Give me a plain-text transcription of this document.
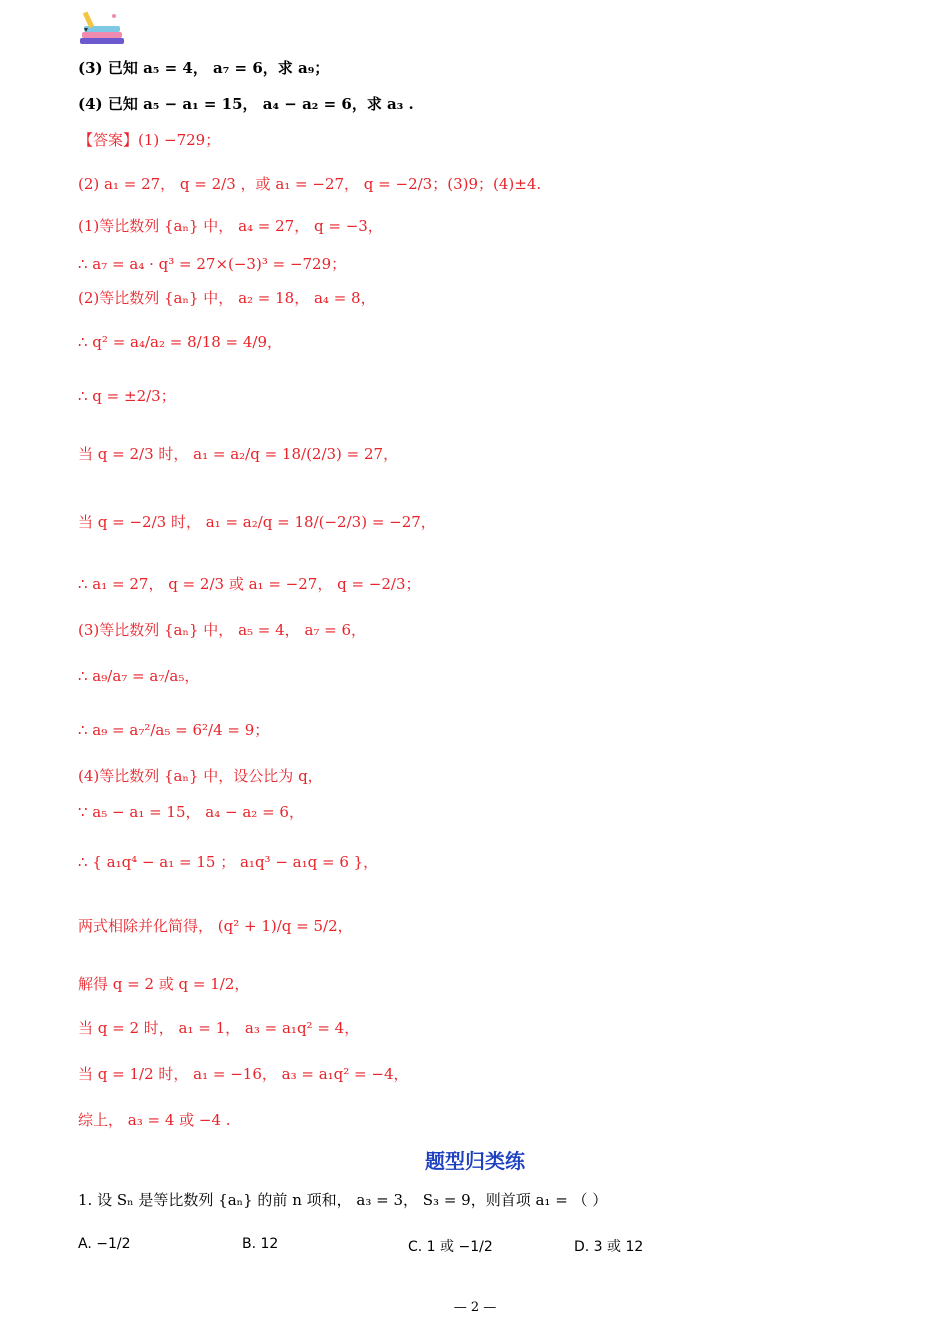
(3) 已知 a₅ = 4， a₇ = 6，求 a₉；
(4) 已知 a₅ − a₁ = 15， a₄ − a₂ = 6，求 a₃ .
【答案】(1) −729；
(2) a₁ = 27， q = 2/3 ，或 a₁ = −27， q = −2/3；(3)9；(4)±4.
(1)等比数列 {aₙ} 中， a₄ = 27， q = −3，
∴ a₇ = a₄ · q³ = 27×(−3)³ = −729；
(2)等比数列 {aₙ} 中， a₂ = 18， a₄ = 8，
∴ q² = a₄/a₂ = 8/18 = 4/9，
∴ q = ±2/3；
当 q = 2/3 时， a₁ = a₂/q = 18/(2/3) = 27，
当 q = −2/3 时， a₁ = a₂/q = 18/(−2/3) = −27，
∴ a₁ = 27， q = 2/3 或 a₁ = −27， q = −2/3；
(3)等比数列 {aₙ} 中， a₅ = 4， a₇ = 6，
∴ a₉/a₇ = a₇/a₅，
∴ a₉ = a₇²/a₅ = 6²/4 = 9；
(4)等比数列 {aₙ} 中，设公比为 q，
∵ a₅ − a₁ = 15， a₄ − a₂ = 6，
∴ { a₁q⁴ − a₁ = 15 ； a₁q³ − a₁q = 6 }，
两式相除并化简得， (q² + 1)/q = 5/2，
解得 q = 2 或 q = 1/2，
当 q = 2 时， a₁ = 1， a₃ = a₁q² = 4，
当 q = 1/2 时， a₁ = −16， a₃ = a₁q² = −4，
综上， a₃ = 4 或 −4 .
1. 设 Sₙ 是等比数列 {aₙ} 的前 n 项和， a₃ = 3， S₃ = 9，则首项 a₁ = （ ）
题型归类练
A. −1/2	B. 12	C. 1 或 −1/2	D. 3 或 12
— 2 —
